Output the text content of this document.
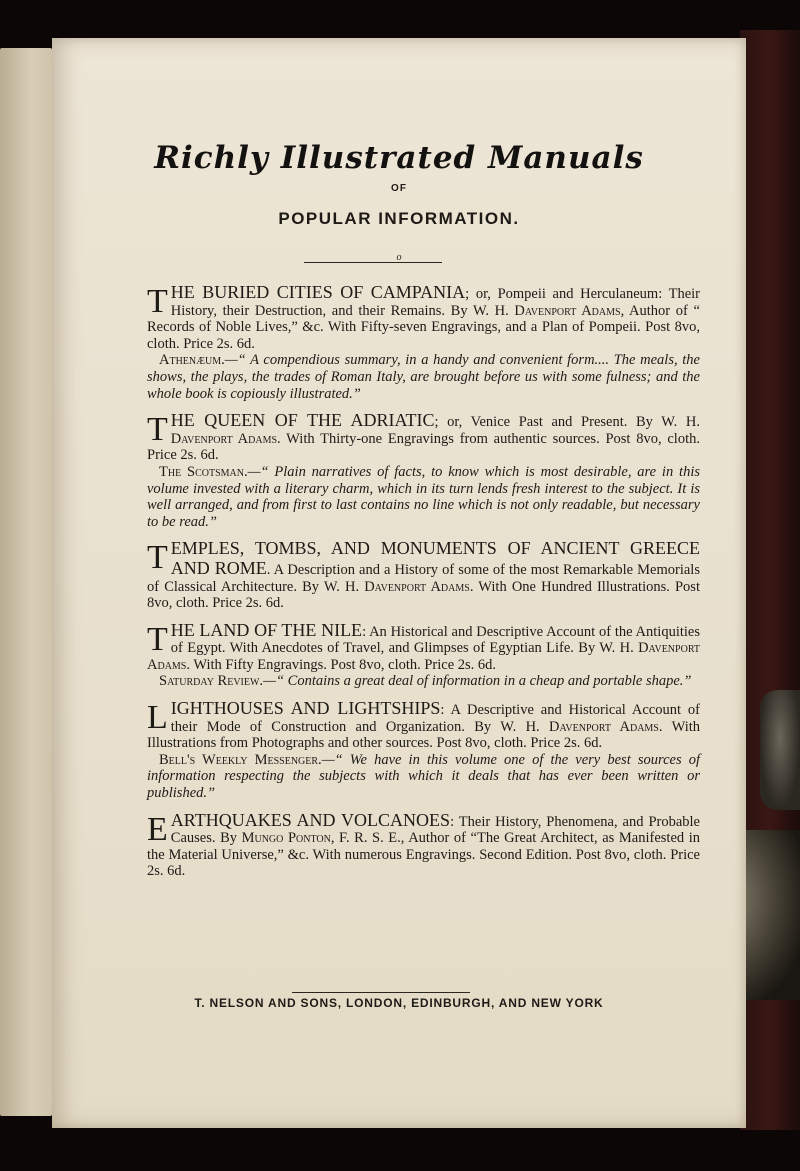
Richly Illustrated Manuals
OF
POPULAR INFORMATION.
o

T HE BURIED CITIES OF CAMPANIA; or, Pompeii and Herculaneum: Their History, their Destruction, and their Remains. By W. H. Davenport Adams, Author of “ Records of Noble Lives,” &c. With Fifty-seven Engravings, and a Plan of Pompeii. Post 8vo, cloth. Price 2s. 6d.

Athenæum.—“ A compendious summary, in a handy and convenient form.... The meals, the shows, the plays, the trades of Roman Italy, are brought before us with some fulness; and the whole book is copiously illustrated.”

T HE QUEEN OF THE ADRIATIC; or, Venice Past and Present. By W. H. Davenport Adams. With Thirty-one Engravings from authentic sources. Post 8vo, cloth. Price 2s. 6d.

The Scotsman.—“ Plain narratives of facts, to know which is most desirable, are in this volume invested with a literary charm, which in its turn lends fresh interest to the subject. It is well arranged, and from first to last contains no line which is not only readable, but necessary to be read.”

T EMPLES, TOMBS, AND MONUMENTS OF ANCIENT GREECE AND ROME. A Description and a History of some of the most Remarkable Memorials of Classical Architecture. By W. H. Davenport Adams. With One Hundred Illustrations. Post 8vo, cloth. Price 2s. 6d.

T HE LAND OF THE NILE: An Historical and Descriptive Account of the Antiquities of Egypt. With Anecdotes of Travel, and Glimpses of Egyptian Life. By W. H. Davenport Adams. With Fifty Engravings. Post 8vo, cloth. Price 2s. 6d.

Saturday Review.—“ Contains a great deal of information in a cheap and portable shape.”

L IGHTHOUSES AND LIGHTSHIPS: A Descriptive and Historical Account of their Mode of Construction and Organization. By W. H. Davenport Adams. With Illustrations from Photographs and other sources. Post 8vo, cloth. Price 2s. 6d.

Bell's Weekly Messenger.—“ We have in this volume one of the very best sources of information respecting the subjects with which it deals that has ever been written or published.”

E ARTHQUAKES AND VOLCANOES: Their History, Phenomena, and Probable Causes. By Mungo Ponton, F. R. S. E., Author of “The Great Architect, as Manifested in the Material Universe,” &c. With numerous Engravings. Second Edition. Post 8vo, cloth. Price 2s. 6d.

T. NELSON AND SONS, LONDON, EDINBURGH, AND NEW YORK
